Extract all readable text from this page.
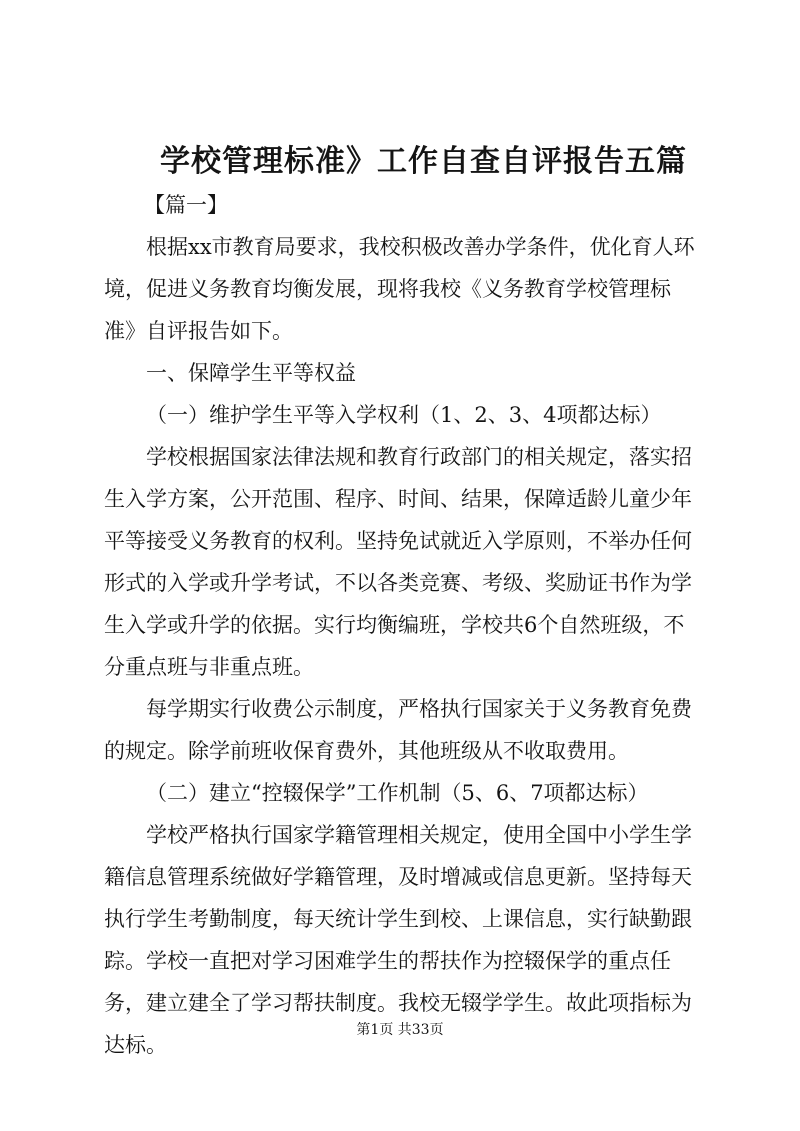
学校管理标准》工作自查自评报告五篇
【篇一】

根据xx市教育局要求，我校积极改善办学条件，优化育人环境，促进义务教育均衡发展，现将我校《义务教育学校管理标准》自评报告如下。

一、保障学生平等权益

（一）维护学生平等入学权利（1、2、3、4项都达标）

学校根据国家法律法规和教育行政部门的相关规定，落实招生入学方案，公开范围、程序、时间、结果，保障适龄儿童少年平等接受义务教育的权利。坚持免试就近入学原则，不举办任何形式的入学或升学考试，不以各类竞赛、考级、奖励证书作为学生入学或升学的依据。实行均衡编班，学校共6个自然班级，不分重点班与非重点班。

每学期实行收费公示制度，严格执行国家关于义务教育免费的规定。除学前班收保育费外，其他班级从不收取费用。

（二）建立“控辍保学”工作机制（5、6、7项都达标）

学校严格执行国家学籍管理相关规定，使用全国中小学生学籍信息管理系统做好学籍管理，及时增减或信息更新。坚持每天执行学生考勤制度，每天统计学生到校、上课信息，实行缺勤跟踪。学校一直把对学习困难学生的帮扶作为控辍保学的重点任务，建立建全了学习帮扶制度。我校无辍学学生。故此项指标为达标。

第1页 共33页
